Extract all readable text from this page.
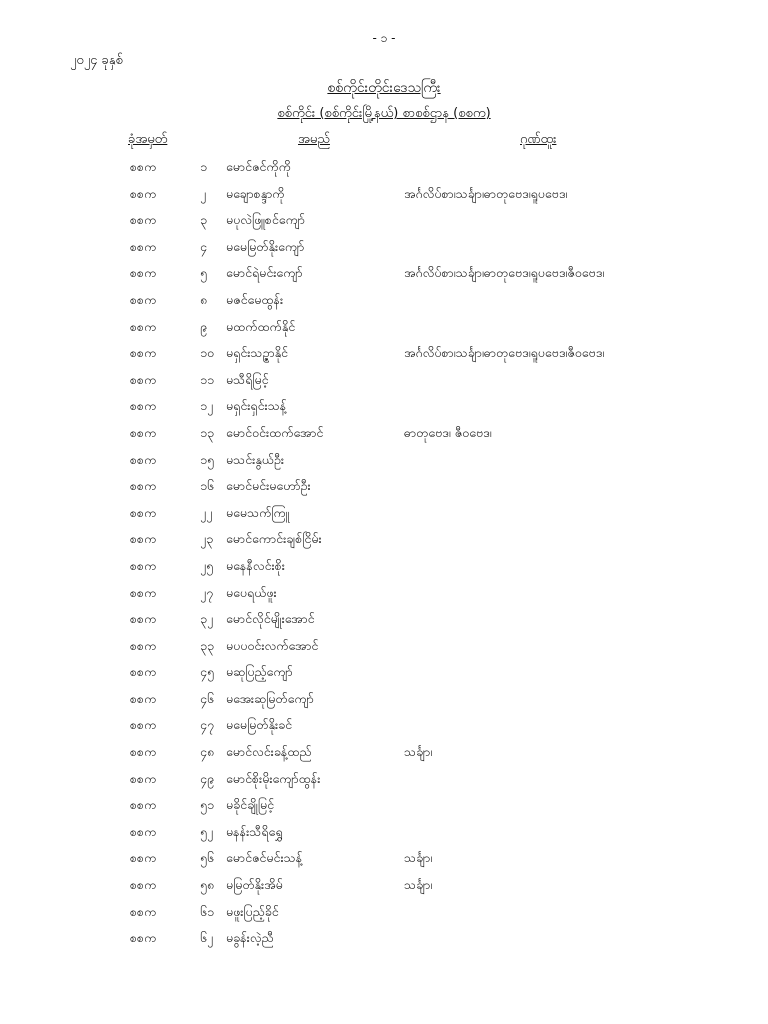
- ၁ -
၂၀၂၄ ခုနှစ်
စစ်ကိုင်းတိုင်းဒေသကြီး
စစ်ကိုင်း (စစ်ကိုင်းမြို့နယ်) စာစစ်ဌာန (စစက)
ခုံအမှတ်	အမည်	ဂုဏ်ထူး
စစက	၁	မောင်ဇင်ကိုကို
စစက	၂	မချောစန္ဒာကို	အင်္ဂလိပ်စာ၊သင်္ချာ၊ဓာတုဗေဒ၊ရူပဗေဒ၊
စစက	၃	မပုလဲဖြူစင်ကျော်
စစက	၄	မမေမြတ်နိုးကျော်
စစက	၅	မောင်ရဲမင်းကျော်	အင်္ဂလိပ်စာ၊သင်္ချာ၊ဓာတုဗေဒ၊ရူပဗေဒ၊ဇီဝဗေဒ၊
စစက	၈	မဇင်မေထွန်း
စစက	၉	မထက်ထက်နိုင်
စစက	၁၀ မရှင်းသဥ္ဇာနိုင်	အင်္ဂလိပ်စာ၊သင်္ချာ၊ဓာတုဗေဒ၊ရူပဗေဒ၊ဇီဝဗေဒ၊
စစက	၁၁ မသီရိမြင့်
စစက	၁၂	မရှင်းရှင်းသန့်
စစက	၁၃ မောင်ဝင်းထက်အောင်	ဓာတုဗေဒ၊ ဇီဝဗေဒ၊
စစက	၁၅ မသင်းနွယ်ဦး
စစက	၁၆ မောင်မင်းမဟော်ဦး
စစက	၂၂	မမေသက်ကြူ
စစက	၂၃	မောင်ကောင်းချစ်ငြိမ်း
စစက	၂၅	မနေနီလင်းစိုး
စစက	၂၇	မပေရယ်ဖူး
စစက	၃၂	မောင်လိုင်မျိုးအောင်
စစက	၃၃ မပပဝင်းလက်အောင်
စစက	၄၅ မဆုပြည့်ကျော်
စစက	၄၆ မအေးဆုမြတ်ကျော်
စစက	၄၇ မမေမြတ်နိုးခင်
စစက	၄၈ မောင်လင်းခန့်ထည်	သင်္ချာ၊
စစက	၄၉ မောင်စိုးမိုးကျော်ထွန်း
စစက	၅၁ မခိုင်ချိုမြင့်
စစက	၅၂	မနန်းသီရိရွှေ
စစက	၅၆ မောင်ဇင်မင်းသန့်	သင်္ချာ၊
စစက	၅၈ မမြတ်နိုးအိမ်	သင်္ချာ၊
စစက	၆၁ မဖူးပြည့်ခိုင်
စစက	၆၂	မခွန်းလဲ့ညီ
